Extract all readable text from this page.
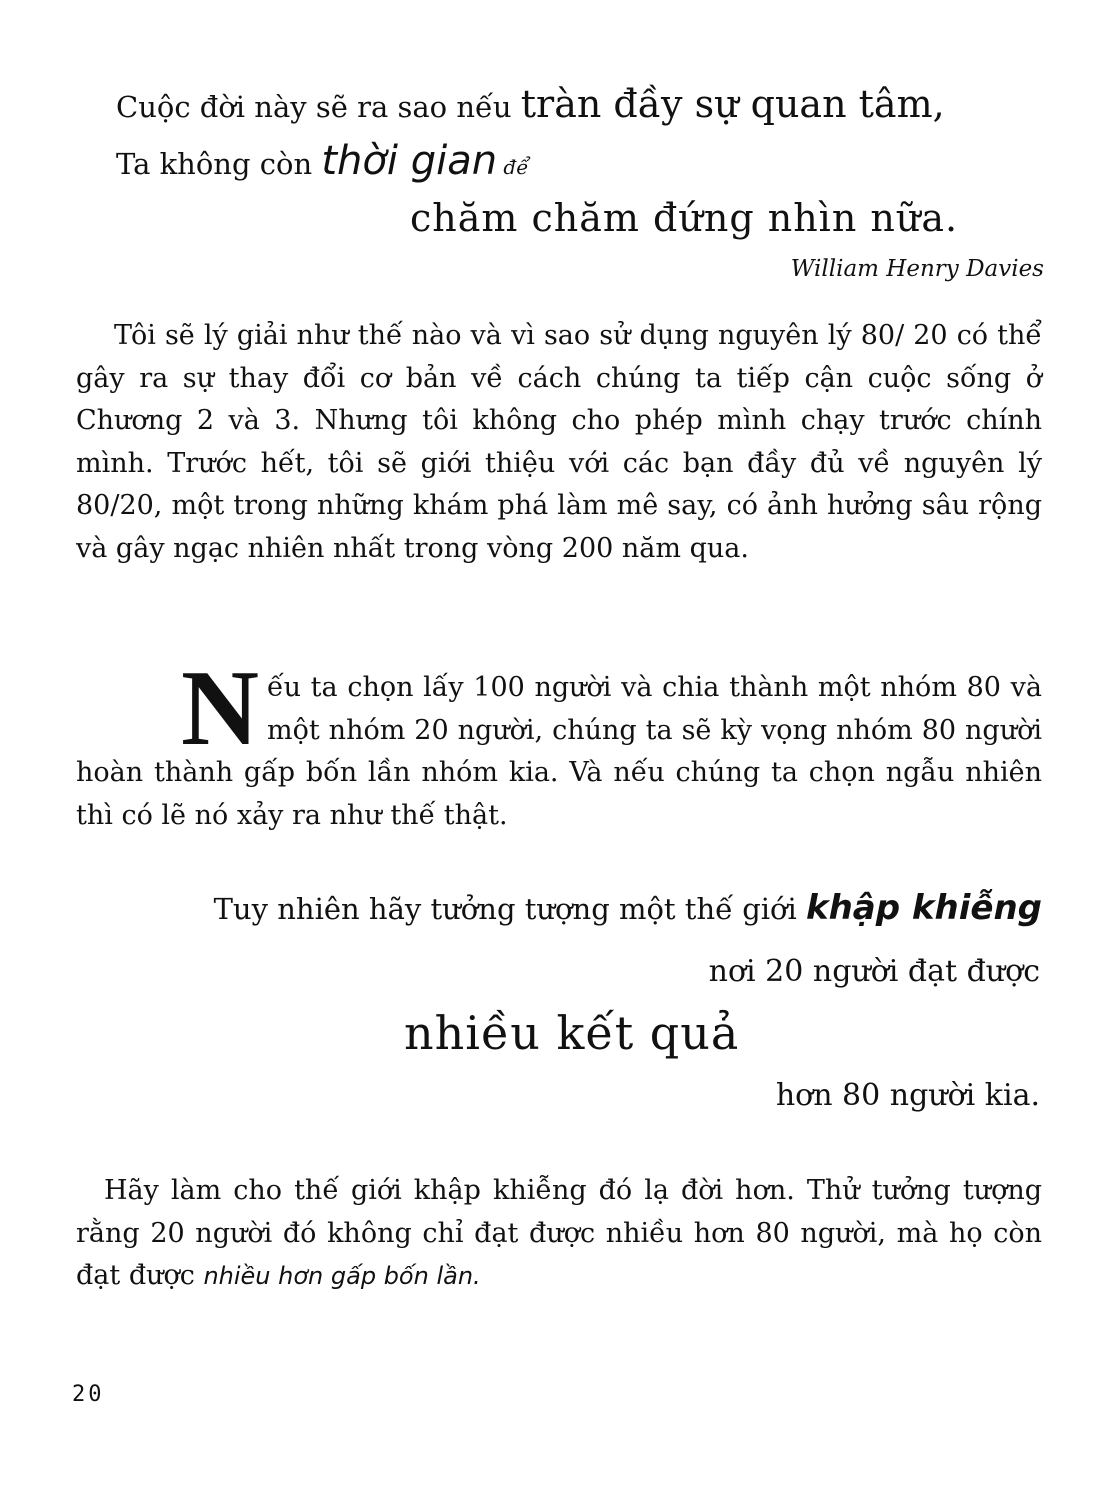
Cuộc đời này sẽ ra sao nếu tràn đầy sự quan tâm,
Ta không còn thời gian để
chăm chăm đứng nhìn nữa.
William Henry Davies

Tôi sẽ lý giải như thế nào và vì sao sử dụng nguyên lý 80/ 20 có thể gây ra sự thay đổi cơ bản về cách chúng ta tiếp cận cuộc sống ở Chương 2 và 3. Nhưng tôi không cho phép mình chạy trước chính mình. Trước hết, tôi sẽ giới thiệu với các bạn đầy đủ về nguyên lý 80/20, một trong những khám phá làm mê say, có ảnh hưởng sâu rộng và gây ngạc nhiên nhất trong vòng 200 năm qua.

Nếu ta chọn lấy 100 người và chia thành một nhóm 80 và một nhóm 20 người, chúng ta sẽ kỳ vọng nhóm 80 người hoàn thành gấp bốn lần nhóm kia. Và nếu chúng ta chọn ngẫu nhiên thì có lẽ nó xảy ra như thế thật.

Tuy nhiên hãy tưởng tượng một thế giới khập khiễng
nơi 20 người đạt được
nhiều kết quả
hơn 80 người kia.

Hãy làm cho thế giới khập khiễng đó lạ đời hơn. Thử tưởng tượng rằng 20 người đó không chỉ đạt được nhiều hơn 80 người, mà họ còn đạt được nhiều hơn gấp bốn lần.

20
